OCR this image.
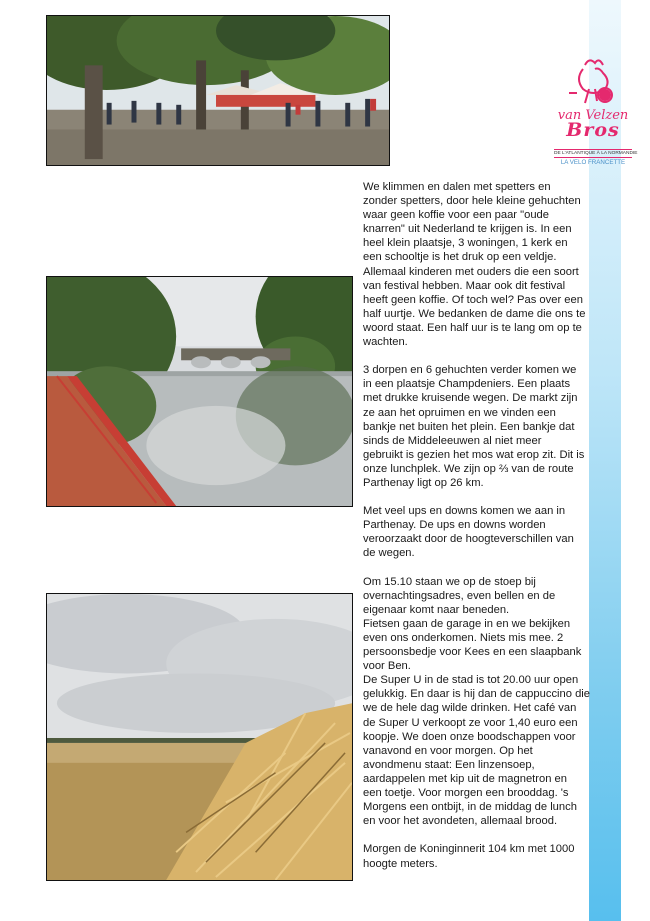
van Velzen
Bros
DE L'ATLANTIQUE À LA NORMANDIE
LA VELO FRANCETTE

We klimmen en dalen met spetters en
zonder spetters, door hele kleine gehuchten
waar geen koffie voor een paar "oude
knarren" uit Nederland te krijgen is. In een
heel klein plaatsje, 3 woningen, 1 kerk en
een schooltje is het druk op een veldje.
Allemaal kinderen met ouders die een soort
van festival hebben. Maar ook dit festival
heeft geen koffie. Of toch wel? Pas over een
half uurtje. We bedanken de dame die ons te
woord staat. Een half uur is te lang om op te
wachten.

3 dorpen en 6 gehuchten verder komen we
in een plaatsje Champdeniers. Een plaats
met drukke kruisende wegen. De markt zijn
ze aan het opruimen en we vinden een
bankje net buiten het plein. Een bankje dat
sinds de Middeleeuwen al niet meer
gebruikt is gezien het mos wat erop zit. Dit is
onze lunchplek. We zijn op ⅔ van de route
Parthenay ligt op 26 km.

Met veel ups en downs komen we aan in
Parthenay. De ups en downs worden
veroorzaakt door de hoogteverschillen van
de wegen.

Om 15.10 staan we op de stoep bij
overnachtingsadres, even bellen en de
eigenaar komt naar beneden.
Fietsen gaan de garage in en we bekijken
even ons onderkomen. Niets mis mee. 2
persoonsbedje voor Kees en een slaapbank
voor Ben.
De Super U in de stad is tot 20.00 uur open
gelukkig. En daar is hij dan de cappuccino die
we de hele dag wilde drinken. Het café van
de Super U verkoopt ze voor 1,40 euro een
koopje. We doen onze boodschappen voor
vanavond en voor morgen. Op het
avondmenu staat: Een linzensoep,
aardappelen met kip uit de magnetron en
een toetje. Voor morgen een brooddag. 's
Morgens een ontbijt, in de middag de lunch
en voor het avondeten, allemaal brood.

Morgen de Koninginnerit 104 km met 1000
hoogte meters.
